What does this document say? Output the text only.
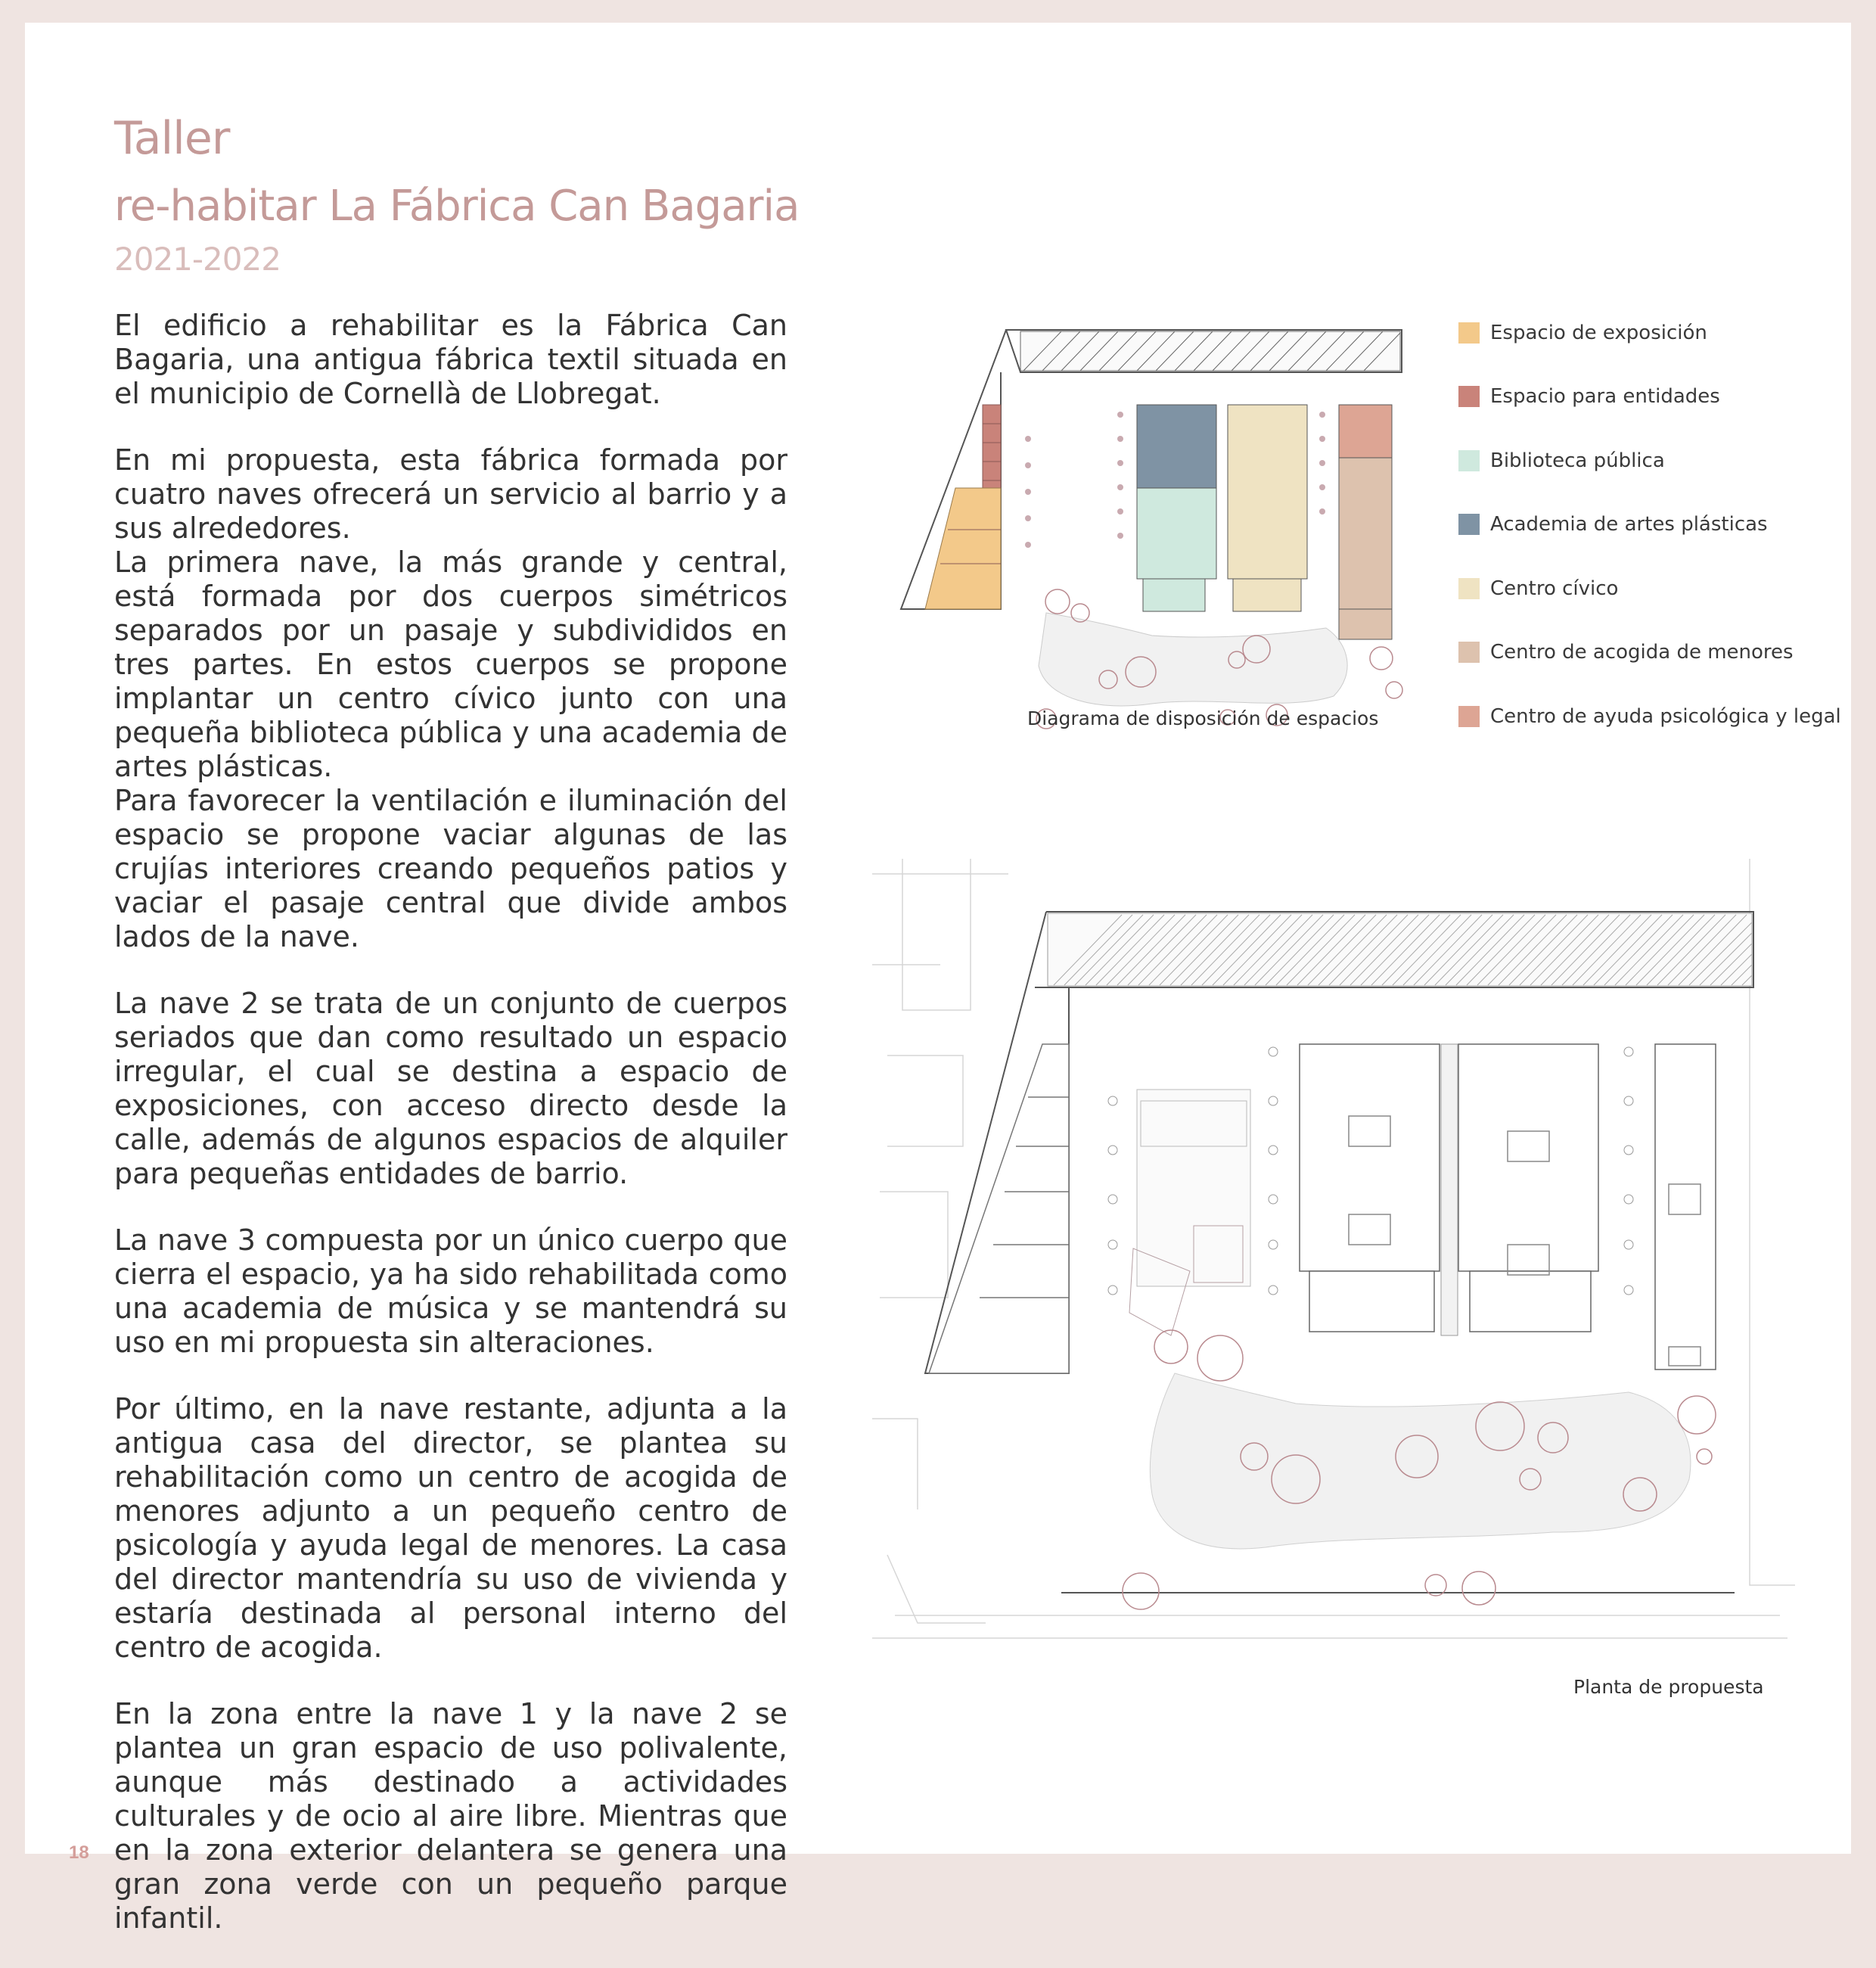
Taller
re-habitar La Fábrica Can Bagaria
2021-2022

El edificio a rehabilitar es la Fábrica Can Bagaria, una antigua fábrica textil situada en el municipio de Cornellà de Llobregat.

En mi propuesta, esta fábrica formada por cuatro naves ofrecerá un servicio al barrio y a sus alrededores.

La primera nave, la más grande y central, está formada por dos cuerpos simétricos separados por un pasaje y subdivididos en tres partes. En estos cuerpos se propone implantar un centro cívico junto con una pequeña biblioteca pública y una academia de artes plásticas.

Para favorecer la ventilación e iluminación del espacio se propone vaciar algunas de las crujías interiores creando pequeños patios y vaciar el pasaje central que divide ambos lados de la nave.

La nave 2 se trata de un conjunto de cuerpos seriados que dan como resultado un espacio irregular, el cual se destina a espacio de exposiciones, con acceso directo desde la calle, además de algunos espacios de alquiler para pequeñas entidades de barrio.

La nave 3 compuesta por un único cuerpo que cierra el espacio, ya ha sido rehabilitada como una academia de música y se mantendrá su uso en mi propuesta sin alteraciones.

Por último, en la nave restante, adjunta a la antigua casa del director, se plantea su rehabilitación como un centro de acogida de menores adjunto a un pequeño centro de psicología y ayuda legal de menores. La casa del director mantendría su uso de vivienda y estaría destinada al personal interno del centro de acogida.

En la zona entre la nave 1 y la nave 2 se plantea un gran espacio de uso polivalente, aunque más destinado a actividades culturales y de ocio al aire libre. Mientras que en la zona exterior delantera se genera una gran zona verde con un pequeño parque infantil.

Diagrama de disposición de espacios
Espacio de exposición
Espacio para entidades
Biblioteca pública
Academia de artes plásticas
Centro cívico
Centro de acogida de menores
Centro de ayuda psicológica y legal
Planta de propuesta
18
